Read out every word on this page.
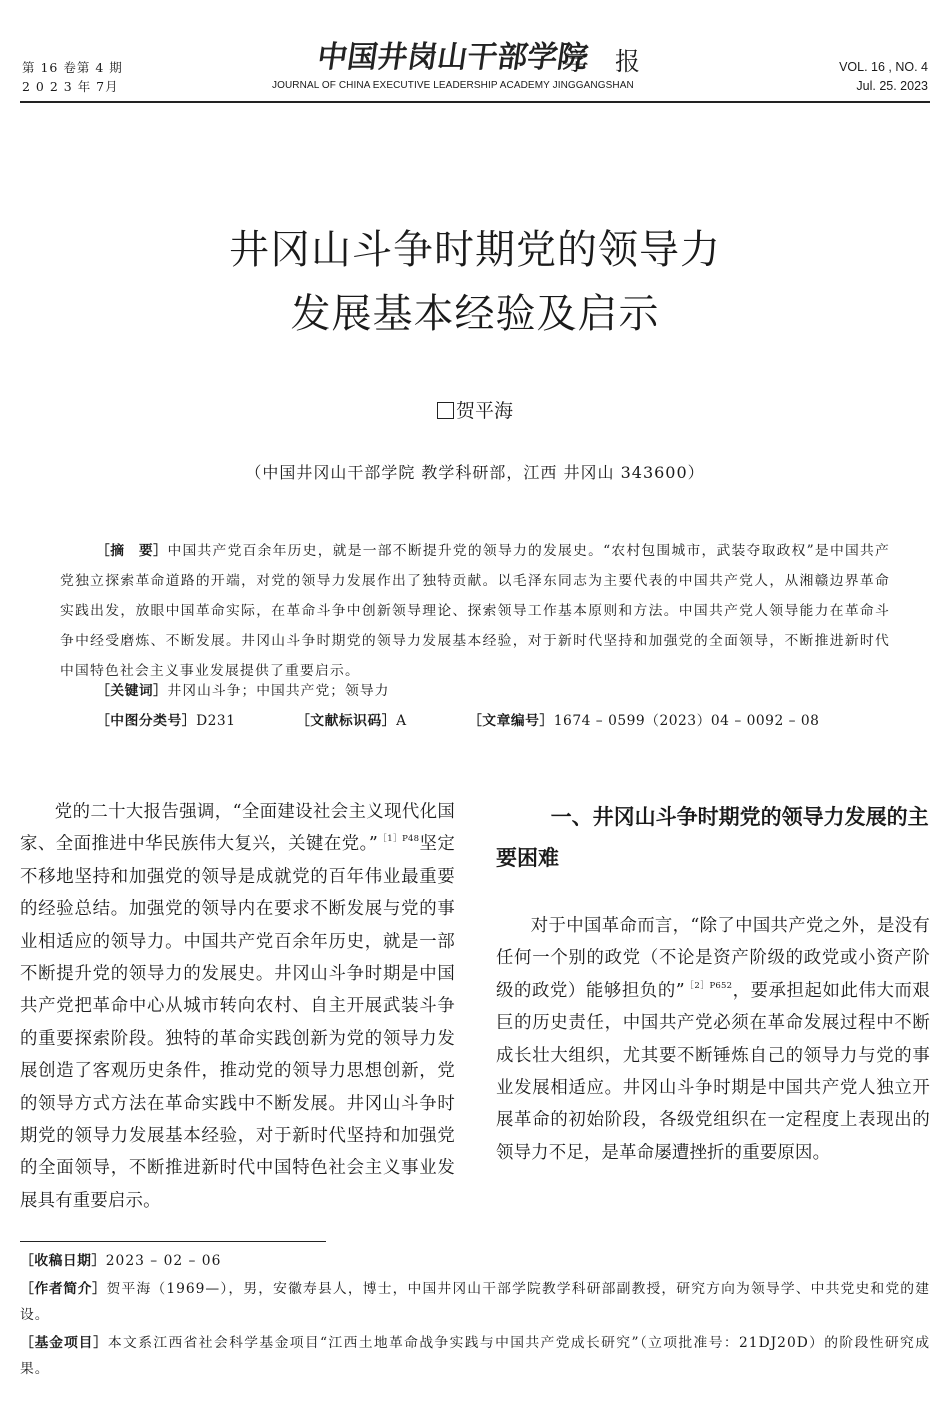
第 16 卷第 4 期
2 0 2 3 年 7月
中国井岗山干部学院
学 报
JOURNAL OF CHINA EXECUTIVE LEADERSHIP ACADEMY JINGGANGSHAN
VOL. 16 , NO. 4
Jul. 25. 2023
井冈山斗争时期党的领导力
发展基本经验及启示
贺平海
（中国井冈山干部学院 教学科研部，江西 井冈山 343600）
［摘　要］中国共产党百余年历史，就是一部不断提升党的领导力的发展史。“农村包围城市，武装夺取政权”是中国共产党独立探索革命道路的开端，对党的领导力发展作出了独特贡献。以毛泽东同志为主要代表的中国共产党人，从湘赣边界革命实践出发，放眼中国革命实际，在革命斗争中创新领导理论、探索领导工作基本原则和方法。中国共产党人领导能力在革命斗争中经受磨炼、不断发展。井冈山斗争时期党的领导力发展基本经验，对于新时代坚持和加强党的全面领导，不断推进新时代中国特色社会主义事业发展提供了重要启示。
［关键词］井冈山斗争；中国共产党；领导力
［中图分类号］D231	［文献标识码］A	［文章编号］1674 – 0599（2023）04 – 0092 – 08
党的二十大报告强调，“全面建设社会主义现代化国家、全面推进中华民族伟大复兴，关键在党。”$^{[1]P48}$坚定不移地坚持和加强党的领导是成就党的百年伟业最重要的经验总结。加强党的领导内在要求不断发展与党的事业相适应的领导力。中国共产党百余年历史，就是一部不断提升党的领导力的发展史。井冈山斗争时期是中国共产党把革命中心从城市转向农村、自主开展武装斗争的重要探索阶段。独特的革命实践创新为党的领导力发展创造了客观历史条件，推动党的领导力思想创新，党的领导方式方法在革命实践中不断发展。井冈山斗争时期党的领导力发展基本经验，对于新时代坚持和加强党的全面领导，不断推进新时代中国特色社会主义事业发展具有重要启示。
一、井冈山斗争时期党的领导力发展的主要困难
对于中国革命而言，“除了中国共产党之外，是没有任何一个别的政党（不论是资产阶级的政党或小资产阶级的政党）能够担负的”$^{[2]P652}$，要承担起如此伟大而艰巨的历史责任，中国共产党必须在革命发展过程中不断成长壮大组织，尤其要不断锤炼自己的领导力与党的事业发展相适应。井冈山斗争时期是中国共产党人独立开展革命的初始阶段，各级党组织在一定程度上表现出的领导力不足，是革命屡遭挫折的重要原因。
［收稿日期］2023 – 02 – 06
［作者简介］贺平海（1969—），男，安徽寿县人，博士，中国井冈山干部学院教学科研部副教授，研究方向为领导学、中共党史和党的建设。
［基金项目］本文系江西省社会科学基金项目“江西土地革命战争实践与中国共产党成长研究”（立项批准号：21DJ20D）的阶段性研究成果。
